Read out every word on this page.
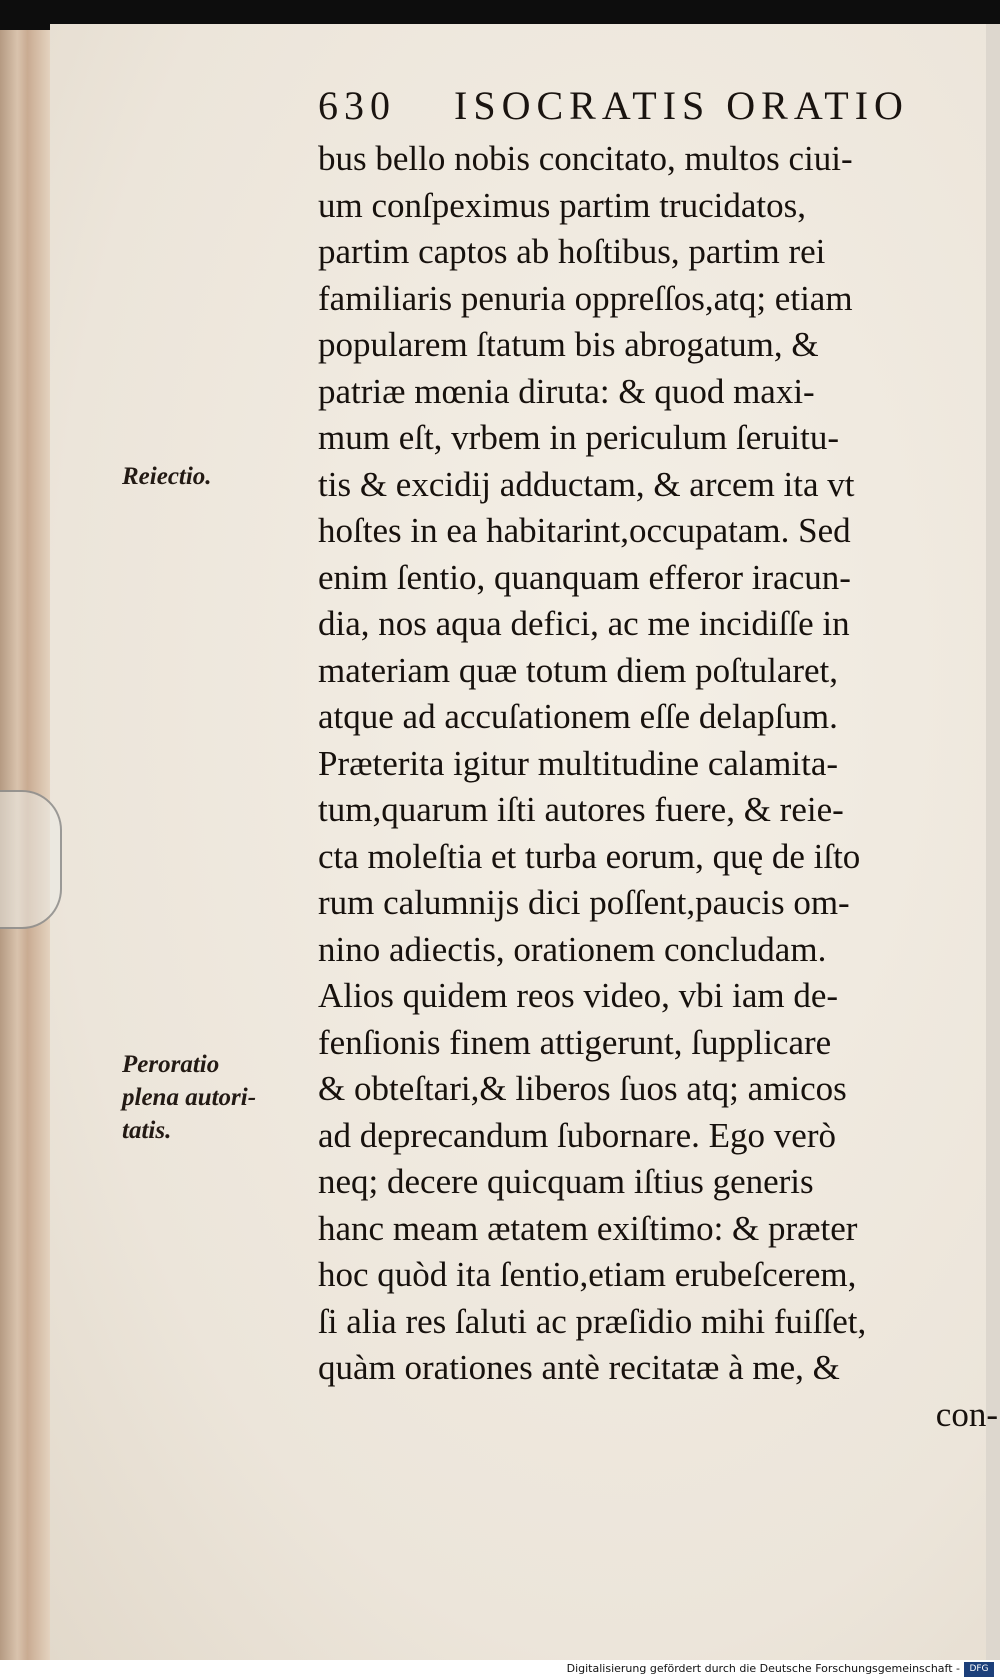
630 ISOCRATIS ORATIO
bus bello nobis concitato, multos ciui-
um conſpeximus partim trucidatos,
partim captos ab hoſtibus, partim rei
familiaris penuria oppreſſos,atq; etiam
popularem ſtatum bis abrogatum, &
patriæ mœnia diruta: & quod maxi-
mum eſt, vrbem in periculum ſeruitu-
tis & excidij adductam, & arcem ita vt
hoſtes in ea habitarint,occupatam. Sed
enim ſentio, quanquam efferor iracun-
dia, nos aqua defici, ac me incidiſſe in
materiam quæ totum diem poſtularet,
atque ad accuſationem eſſe delapſum.
Præterita igitur multitudine calamita-
tum,quarum iſti autores fuere, & reie-
cta moleſtia et turba eorum, quę de iſto
rum calumnijs dici poſſent,paucis om-
nino adiectis, orationem concludam.
Alios quidem reos video, vbi iam de-
fenſionis finem attigerunt, ſupplicare
& obteſtari,& liberos ſuos atq; amicos
ad deprecandum ſubornare. Ego verò
neq; decere quicquam iſtius generis
hanc meam ætatem exiſtimo: & præter
hoc quòd ita ſentio,etiam erubeſcerem,
ſi alia res ſaluti ac præſidio mihi fuiſſet,
quàm orationes antè recitatæ à me, &
con-
Reiectio.
Peroratio
plena autori-
tatis.
Digitalisierung gefördert durch die Deutsche Forschungsgemeinschaft -	DFG
